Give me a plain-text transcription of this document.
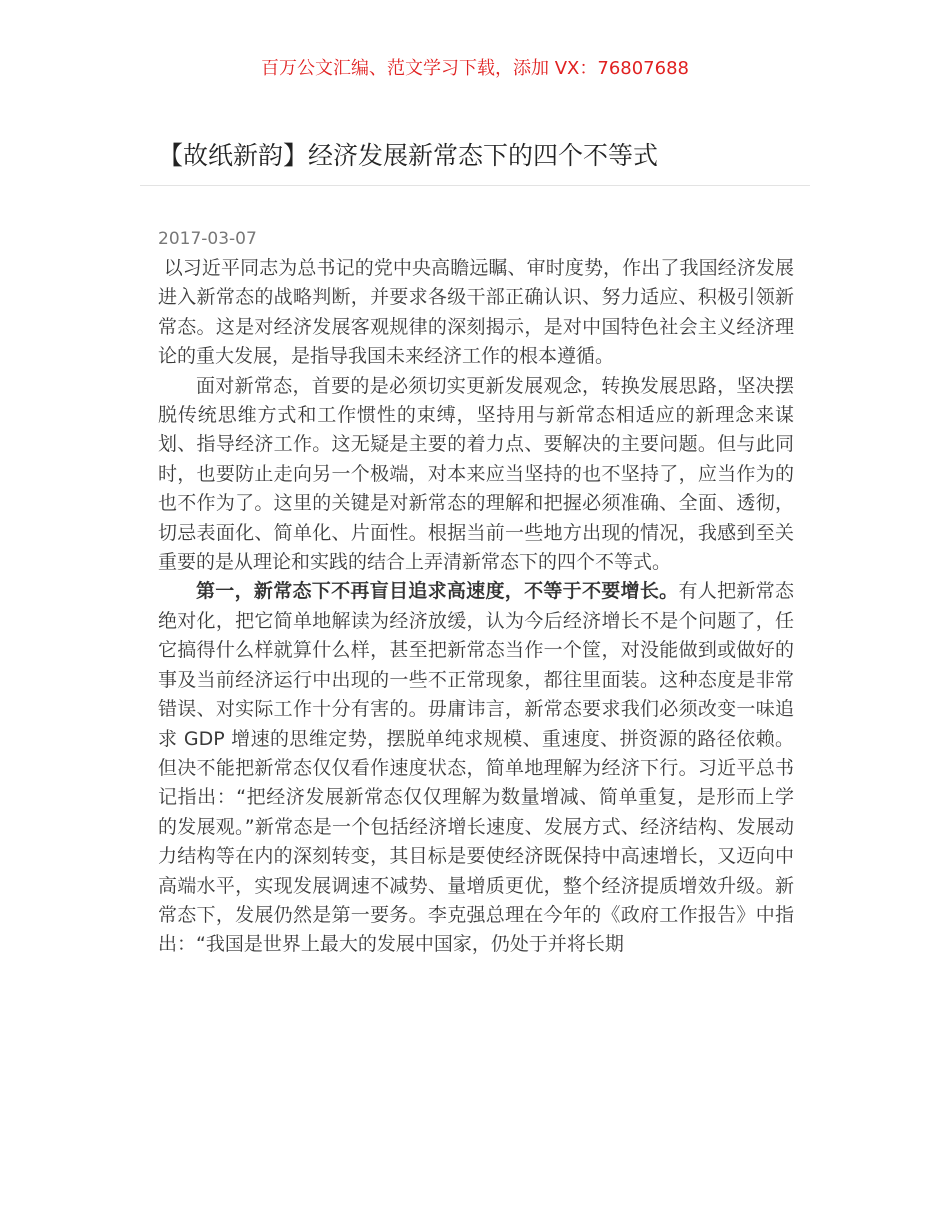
百万公文汇编、范文学习下载，添加 VX：76807688
【故纸新韵】经济发展新常态下的四个不等式
2017-03-07

以习近平同志为总书记的党中央高瞻远瞩、审时度势，作出了我国经济发展进入新常态的战略判断，并要求各级干部正确认识、努力适应、积极引领新常态。这是对经济发展客观规律的深刻揭示，是对中国特色社会主义经济理论的重大发展，是指导我国未来经济工作的根本遵循。

面对新常态，首要的是必须切实更新发展观念，转换发展思路，坚决摆脱传统思维方式和工作惯性的束缚，坚持用与新常态相适应的新理念来谋划、指导经济工作。这无疑是主要的着力点、要解决的主要问题。但与此同时，也要防止走向另一个极端，对本来应当坚持的也不坚持了，应当作为的也不作为了。这里的关键是对新常态的理解和把握必须准确、全面、透彻，切忌表面化、简单化、片面性。根据当前一些地方出现的情况，我感到至关重要的是从理论和实践的结合上弄清新常态下的四个不等式。

第一，新常态下不再盲目追求高速度，不等于不要增长。有人把新常态绝对化，把它简单地解读为经济放缓，认为今后经济增长不是个问题了，任它搞得什么样就算什么样，甚至把新常态当作一个筐，对没能做到或做好的事及当前经济运行中出现的一些不正常现象，都往里面装。这种态度是非常错误、对实际工作十分有害的。毋庸讳言，新常态要求我们必须改变一味追求 GDP 增速的思维定势，摆脱单纯求规模、重速度、拼资源的路径依赖。但决不能把新常态仅仅看作速度状态，简单地理解为经济下行。习近平总书记指出：“把经济发展新常态仅仅理解为数量增减、简单重复，是形而上学的发展观。”新常态是一个包括经济增长速度、发展方式、经济结构、发展动力结构等在内的深刻转变，其目标是要使经济既保持中高速增长，又迈向中高端水平，实现发展调速不减势、量增质更优，整个经济提质增效升级。新常态下，发展仍然是第一要务。李克强总理在今年的《政府工作报告》中指出：“我国是世界上最大的发展中国家，仍处于并将长期
